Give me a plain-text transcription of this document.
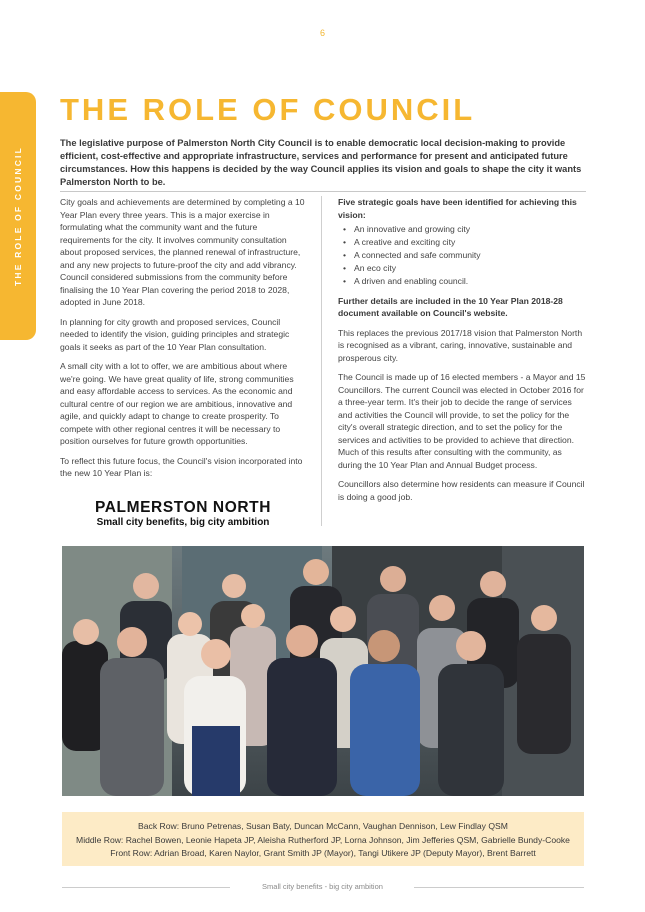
6
THE ROLE OF COUNCIL
THE ROLE OF COUNCIL
The legislative purpose of Palmerston North City Council is to enable democratic local decision-making to provide efficient, cost-effective and appropriate infrastructure, services and performance for present and anticipated future circumstances. How this happens is decided by the way Council applies its vision and goals to shape the city it wants Palmerston North to be.

City goals and achievements are determined by completing a 10 Year Plan every three years. This is a major exercise in formulating what the community want and the future requirements for the city. It involves community consultation about proposed services, the planned renewal of infrastructure, and any new projects to future-proof the city and add vibrancy. Council considered submissions from the community before finalising the 10 Year Plan covering the period 2018 to 2028, adopted in June 2018.

In planning for city growth and proposed services, Council needed to identify the vision, guiding principles and strategic goals it seeks as part of the 10 Year Plan consultation.

A small city with a lot to offer, we are ambitious about where we're going. We have great quality of life, strong communities and easy affordable access to services. As the economic and cultural centre of our region we are ambitious, innovative and agile, and quickly adapt to change to create prosperity. To compete with other regional centres it will be necessary to position ourselves for future growth opportunities.

To reflect this future focus, the Council's vision incorporated into the new 10 Year Plan is:

PALMERSTON NORTH
Small city benefits, big city ambition

Five strategic goals have been identified for achieving this vision:

• An innovative and growing city
• A creative and exciting city
• A connected and safe community
• An eco city
• A driven and enabling council.

Further details are included in the 10 Year Plan 2018-28 document available on Council's website.

This replaces the previous 2017/18 vision that Palmerston North is recognised as a vibrant, caring, innovative, sustainable and prosperous city.

The Council is made up of 16 elected members - a Mayor and 15 Councillors. The current Council was elected in October 2016 for a three-year term. It's their job to decide the range of services and activities the Council will provide, to set the policy for the city's overall strategic direction, and to set the policy for the services and activities to be provided to achieve that direction. Much of this results after consulting with the community, as during the 10 Year Plan and Annual Budget process.

Councillors also determine how residents can measure if Council is doing a good job.

Back Row: Bruno Petrenas, Susan Baty, Duncan McCann, Vaughan Dennison, Lew Findlay QSM
Middle Row: Rachel Bowen, Leonie Hapeta JP, Aleisha Rutherford JP, Lorna Johnson, Jim Jefferies QSM, Gabrielle Bundy-Cooke
Front Row: Adrian Broad, Karen Naylor, Grant Smith JP (Mayor), Tangi Utikere JP (Deputy Mayor), Brent Barrett
Small city benefits - big city ambition
